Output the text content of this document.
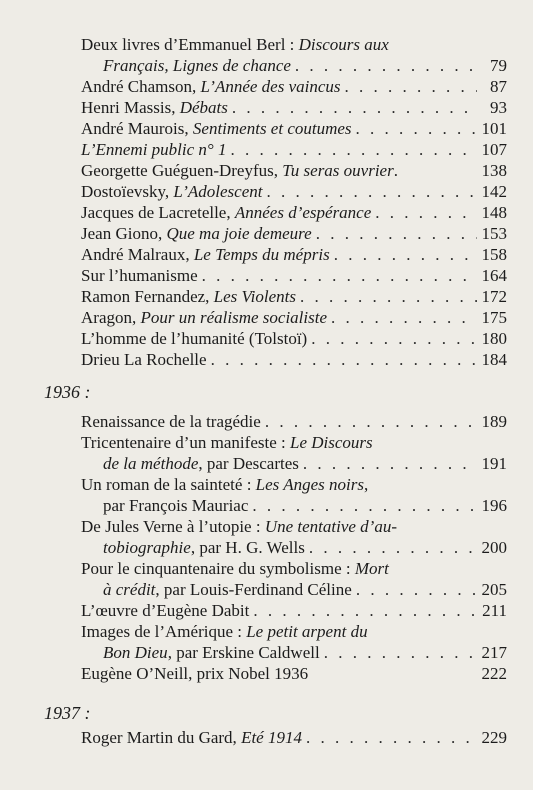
Deux livres d’Emmanuel Berl : Discours aux
Français, Lignes de chance . . .	79
André Chamson, L’Année des vaincus . . .	87
Henri Massis, Débats . . .	93
André Maurois, Sentiments et coutumes . . .	101
L’Ennemi public n° 1 . . .	107
Georgette Guéguen-Dreyfus, Tu seras ouvrier.	138
Dostoïevsky, L’Adolescent . . .	142
Jacques de Lacretelle, Années d’espérance . . .	148
Jean Giono, Que ma joie demeure . . .	153
André Malraux, Le Temps du mépris . . .	158
Sur l’humanisme . . .	164
Ramon Fernandez, Les Violents . . .	172
Aragon, Pour un réalisme socialiste . . .	175
L’homme de l’humanité (Tolstoï) . . .	180
Drieu La Rochelle . . .	184
1936 :
Renaissance de la tragédie . . .	189
Tricentenaire d’un manifeste : Le Discours
de la méthode, par Descartes . . .	191
Un roman de la sainteté : Les Anges noirs,
par François Mauriac . . .	196
De Jules Verne à l’utopie : Une tentative d’au-
tobiographie, par H. G. Wells . . .	200
Pour le cinquantenaire du symbolisme : Mort
à crédit, par Louis-Ferdinand Céline . . .	205
L’œuvre d’Eugène Dabit . . .	211
Images de l’Amérique : Le petit arpent du
Bon Dieu, par Erskine Caldwell . . .	217
Eugène O’Neill, prix Nobel 1936	222
1937 :
Roger Martin du Gard, Eté 1914 . . .	229
